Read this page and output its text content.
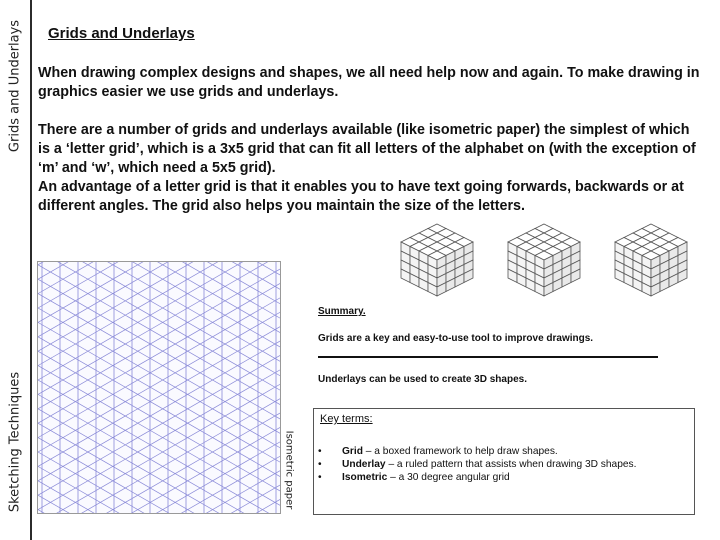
Grids and Underlays
Sketching Techniques
Grids and Underlays

When drawing complex designs and shapes, we all need help now and again. To make drawing in graphics easier we use grids and underlays.

There are a number of grids and underlays available (like isometric paper) the simplest of which is a ‘letter grid’, which is a 3x5 grid that can fit all letters of the alphabet on (with the exception of ‘m’ and ‘w’, which need a 5x5 grid).

An advantage of a letter grid is that it enables you to have text going forwards, backwards or at different angles. The grid also helps you maintain the size of the letters.

Isometric paper
Summary.
Grids are a key and easy-to-use tool to improve drawings.
Underlays can be used to create 3D shapes.
Key terms:
• Grid – a boxed framework to help draw shapes.
• Underlay – a ruled pattern that assists when drawing 3D shapes.
• Isometric – a 30 degree angular grid
